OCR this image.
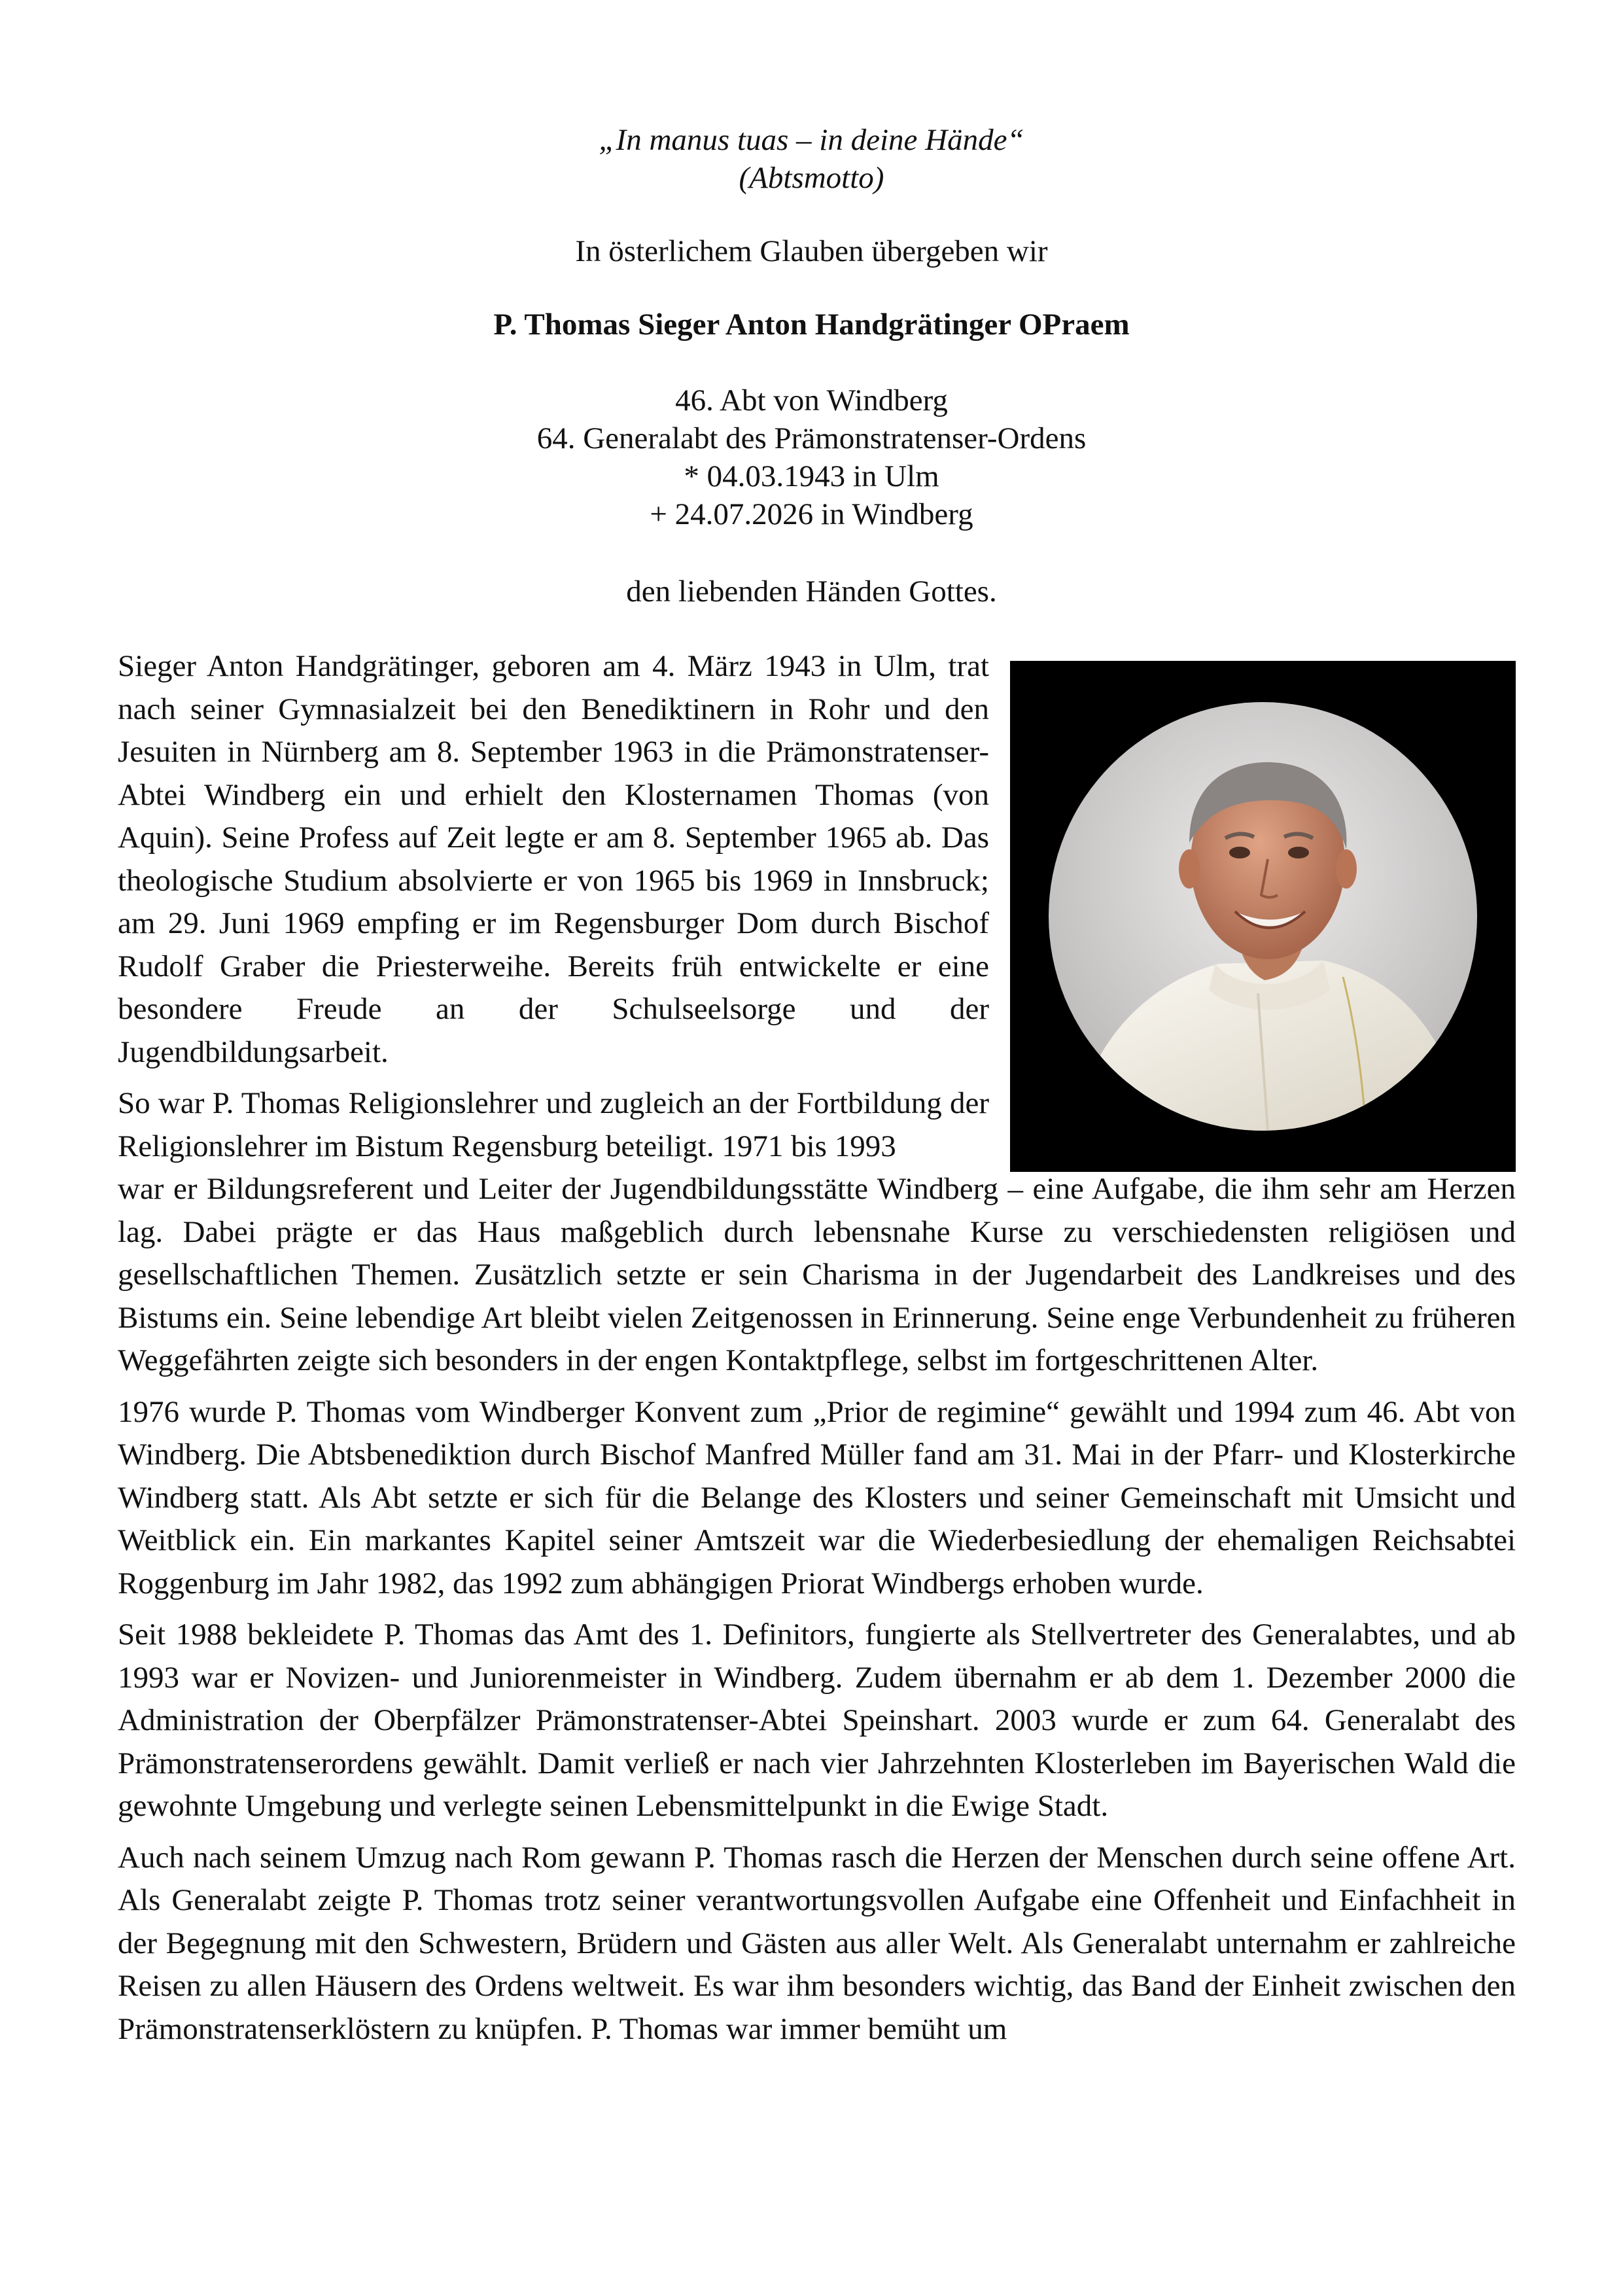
„In manus tuas – in deine Hände“
(Abtsmotto)
In österlichem Glauben übergeben wir
P. Thomas Sieger Anton Handgrätinger OPraem
46. Abt von Windberg
64. Generalabt des Prämonstratenser-Ordens
* 04.03.1943 in Ulm
+ 24.07.2026 in Windberg
den liebenden Händen Gottes.

Sieger Anton Handgrätinger, geboren am 4. März 1943 in Ulm, trat nach seiner Gymnasialzeit bei den Benediktinern in Rohr und den Jesuiten in Nürnberg am 8. September 1963 in die Prämonstratenser-Abtei Windberg ein und erhielt den Klosternamen Thomas (von Aquin). Seine Profess auf Zeit legte er am 8. September 1965 ab. Das theologische Studium absolvierte er von 1965 bis 1969 in Innsbruck; am 29. Juni 1969 empfing er im Regensburger Dom durch Bischof Rudolf Graber die Priesterweihe. Bereits früh entwickelte er eine besondere Freude an der Schulseelsorge und der Jugendbildungsarbeit.

So war P. Thomas Religionslehrer und zugleich an der Fortbildung der Religionslehrer im Bistum Regensburg beteiligt. 1971 bis 1993

war er Bildungsreferent und Leiter der Jugendbildungsstätte Windberg – eine Aufgabe, die ihm sehr am Herzen lag. Dabei prägte er das Haus maßgeblich durch lebensnahe Kurse zu verschiedensten religiösen und gesellschaftlichen Themen. Zusätzlich setzte er sein Charisma in der Jugendarbeit des Landkreises und des Bistums ein. Seine lebendige Art bleibt vielen Zeitgenossen in Erinnerung. Seine enge Verbundenheit zu früheren Weggefährten zeigte sich besonders in der engen Kontaktpflege, selbst im fortgeschrittenen Alter.

1976 wurde P. Thomas vom Windberger Konvent zum „Prior de regimine“ gewählt und 1994 zum 46. Abt von Windberg. Die Abtsbenediktion durch Bischof Manfred Müller fand am 31. Mai in der Pfarr- und Klosterkirche Windberg statt. Als Abt setzte er sich für die Belange des Klosters und seiner Gemeinschaft mit Umsicht und Weitblick ein. Ein markantes Kapitel seiner Amtszeit war die Wiederbesiedlung der ehemaligen Reichsabtei Roggenburg im Jahr 1982, das 1992 zum abhängigen Priorat Windbergs erhoben wurde.

Seit 1988 bekleidete P. Thomas das Amt des 1. Definitors, fungierte als Stellvertreter des Generalabtes, und ab 1993 war er Novizen- und Juniorenmeister in Windberg. Zudem übernahm er ab dem 1. Dezember 2000 die Administration der Oberpfälzer Prämonstratenser-Abtei Speinshart. 2003 wurde er zum 64. Generalabt des Prämonstratenserordens gewählt. Damit verließ er nach vier Jahrzehnten Klosterleben im Bayerischen Wald die gewohnte Umgebung und verlegte seinen Lebensmittelpunkt in die Ewige Stadt.

Auch nach seinem Umzug nach Rom gewann P. Thomas rasch die Herzen der Menschen durch seine offene Art. Als Generalabt zeigte P. Thomas trotz seiner verantwortungsvollen Aufgabe eine Offenheit und Einfachheit in der Begegnung mit den Schwestern, Brüdern und Gästen aus aller Welt. Als Generalabt unternahm er zahlreiche Reisen zu allen Häusern des Ordens weltweit. Es war ihm besonders wichtig, das Band der Einheit zwischen den Prämonstratenserklöstern zu knüpfen. P. Thomas war immer bemüht um
